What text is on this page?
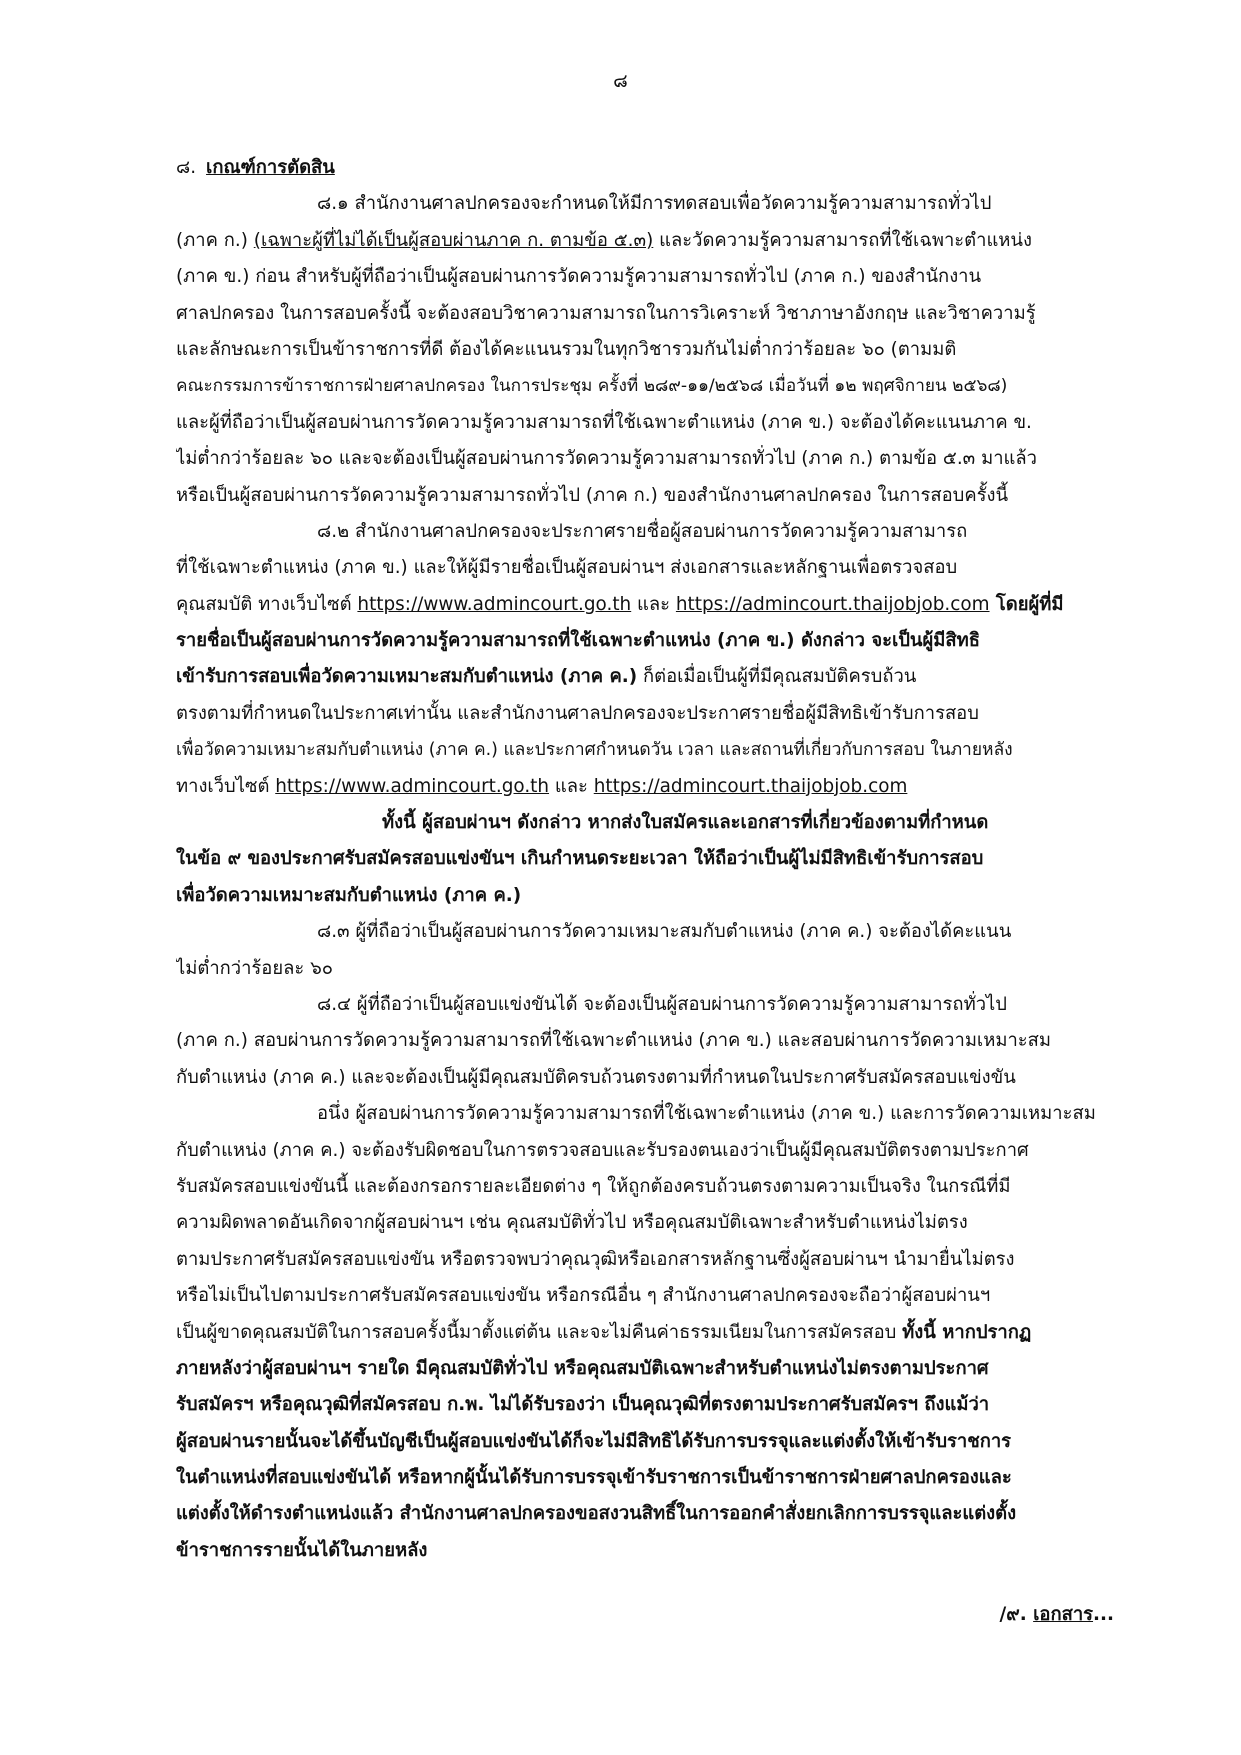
๘
๘. เกณฑ์การตัดสิน
๘.๑ สำนักงานศาลปกครองจะกำหนดให้มีการทดสอบเพื่อวัดความรู้ความสามารถทั่วไป
(ภาค ก.) (เฉพาะผู้ที่ไม่ได้เป็นผู้สอบผ่านภาค ก. ตามข้อ ๕.๓) และวัดความรู้ความสามารถที่ใช้เฉพาะตำแหน่ง
(ภาค ข.) ก่อน สำหรับผู้ที่ถือว่าเป็นผู้สอบผ่านการวัดความรู้ความสามารถทั่วไป (ภาค ก.) ของสำนักงาน
ศาลปกครอง ในการสอบครั้งนี้ จะต้องสอบวิชาความสามารถในการวิเคราะห์ วิชาภาษาอังกฤษ และวิชาความรู้
และลักษณะการเป็นข้าราชการที่ดี ต้องได้คะแนนรวมในทุกวิชารวมกันไม่ต่ำกว่าร้อยละ ๖๐ (ตามมติ
คณะกรรมการข้าราชการฝ่ายศาลปกครอง ในการประชุม ครั้งที่ ๒๘๙-๑๑/๒๕๖๘ เมื่อวันที่ ๑๒ พฤศจิกายน ๒๕๖๘)
และผู้ที่ถือว่าเป็นผู้สอบผ่านการวัดความรู้ความสามารถที่ใช้เฉพาะตำแหน่ง (ภาค ข.) จะต้องได้คะแนนภาค ข.
ไม่ต่ำกว่าร้อยละ ๖๐ และจะต้องเป็นผู้สอบผ่านการวัดความรู้ความสามารถทั่วไป (ภาค ก.) ตามข้อ ๕.๓ มาแล้ว
หรือเป็นผู้สอบผ่านการวัดความรู้ความสามารถทั่วไป (ภาค ก.) ของสำนักงานศาลปกครอง ในการสอบครั้งนี้
๘.๒ สำนักงานศาลปกครองจะประกาศรายชื่อผู้สอบผ่านการวัดความรู้ความสามารถ
ที่ใช้เฉพาะตำแหน่ง (ภาค ข.) และให้ผู้มีรายชื่อเป็นผู้สอบผ่านฯ ส่งเอกสารและหลักฐานเพื่อตรวจสอบ
คุณสมบัติ ทางเว็บไซต์ https://www.admincourt.go.th และ https://admincourt.thaijobjob.com โดยผู้ที่มี
รายชื่อเป็นผู้สอบผ่านการวัดความรู้ความสามารถที่ใช้เฉพาะตำแหน่ง (ภาค ข.) ดังกล่าว จะเป็นผู้มีสิทธิ
เข้ารับการสอบเพื่อวัดความเหมาะสมกับตำแหน่ง (ภาค ค.) ก็ต่อเมื่อเป็นผู้ที่มีคุณสมบัติครบถ้วน
ตรงตามที่กำหนดในประกาศเท่านั้น และสำนักงานศาลปกครองจะประกาศรายชื่อผู้มีสิทธิเข้ารับการสอบ
เพื่อวัดความเหมาะสมกับตำแหน่ง (ภาค ค.) และประกาศกำหนดวัน เวลา และสถานที่เกี่ยวกับการสอบ ในภายหลัง
ทางเว็บไซต์ https://www.admincourt.go.th และ https://admincourt.thaijobjob.com
ทั้งนี้ ผู้สอบผ่านฯ ดังกล่าว หากส่งใบสมัครและเอกสารที่เกี่ยวข้องตามที่กำหนด
ในข้อ ๙ ของประกาศรับสมัครสอบแข่งขันฯ เกินกำหนดระยะเวลา ให้ถือว่าเป็นผู้ไม่มีสิทธิเข้ารับการสอบ
เพื่อวัดความเหมาะสมกับตำแหน่ง (ภาค ค.)
๘.๓ ผู้ที่ถือว่าเป็นผู้สอบผ่านการวัดความเหมาะสมกับตำแหน่ง (ภาค ค.) จะต้องได้คะแนน
ไม่ต่ำกว่าร้อยละ ๖๐
๘.๔ ผู้ที่ถือว่าเป็นผู้สอบแข่งขันได้ จะต้องเป็นผู้สอบผ่านการวัดความรู้ความสามารถทั่วไป
(ภาค ก.) สอบผ่านการวัดความรู้ความสามารถที่ใช้เฉพาะตำแหน่ง (ภาค ข.) และสอบผ่านการวัดความเหมาะสม
กับตำแหน่ง (ภาค ค.) และจะต้องเป็นผู้มีคุณสมบัติครบถ้วนตรงตามที่กำหนดในประกาศรับสมัครสอบแข่งขัน
อนึ่ง ผู้สอบผ่านการวัดความรู้ความสามารถที่ใช้เฉพาะตำแหน่ง (ภาค ข.) และการวัดความเหมาะสม
กับตำแหน่ง (ภาค ค.) จะต้องรับผิดชอบในการตรวจสอบและรับรองตนเองว่าเป็นผู้มีคุณสมบัติตรงตามประกาศ
รับสมัครสอบแข่งขันนี้ และต้องกรอกรายละเอียดต่าง ๆ ให้ถูกต้องครบถ้วนตรงตามความเป็นจริง ในกรณีที่มี
ความผิดพลาดอันเกิดจากผู้สอบผ่านฯ เช่น คุณสมบัติทั่วไป หรือคุณสมบัติเฉพาะสำหรับตำแหน่งไม่ตรง
ตามประกาศรับสมัครสอบแข่งขัน หรือตรวจพบว่าคุณวุฒิหรือเอกสารหลักฐานซึ่งผู้สอบผ่านฯ นำมายื่นไม่ตรง
หรือไม่เป็นไปตามประกาศรับสมัครสอบแข่งขัน หรือกรณีอื่น ๆ สำนักงานศาลปกครองจะถือว่าผู้สอบผ่านฯ
เป็นผู้ขาดคุณสมบัติในการสอบครั้งนี้มาตั้งแต่ต้น และจะไม่คืนค่าธรรมเนียมในการสมัครสอบ ทั้งนี้ หากปรากฏ
ภายหลังว่าผู้สอบผ่านฯ รายใด มีคุณสมบัติทั่วไป หรือคุณสมบัติเฉพาะสำหรับตำแหน่งไม่ตรงตามประกาศ
รับสมัครฯ หรือคุณวุฒิที่สมัครสอบ ก.พ. ไม่ได้รับรองว่า เป็นคุณวุฒิที่ตรงตามประกาศรับสมัครฯ ถึงแม้ว่า
ผู้สอบผ่านรายนั้นจะได้ขึ้นบัญชีเป็นผู้สอบแข่งขันได้ก็จะไม่มีสิทธิได้รับการบรรจุและแต่งตั้งให้เข้ารับราชการ
ในตำแหน่งที่สอบแข่งขันได้ หรือหากผู้นั้นได้รับการบรรจุเข้ารับราชการเป็นข้าราชการฝ่ายศาลปกครองและ
แต่งตั้งให้ดำรงตำแหน่งแล้ว สำนักงานศาลปกครองขอสงวนสิทธิ์ในการออกคำสั่งยกเลิกการบรรจุและแต่งตั้ง
ข้าราชการรายนั้นได้ในภายหลัง
/๙. เอกสาร...
